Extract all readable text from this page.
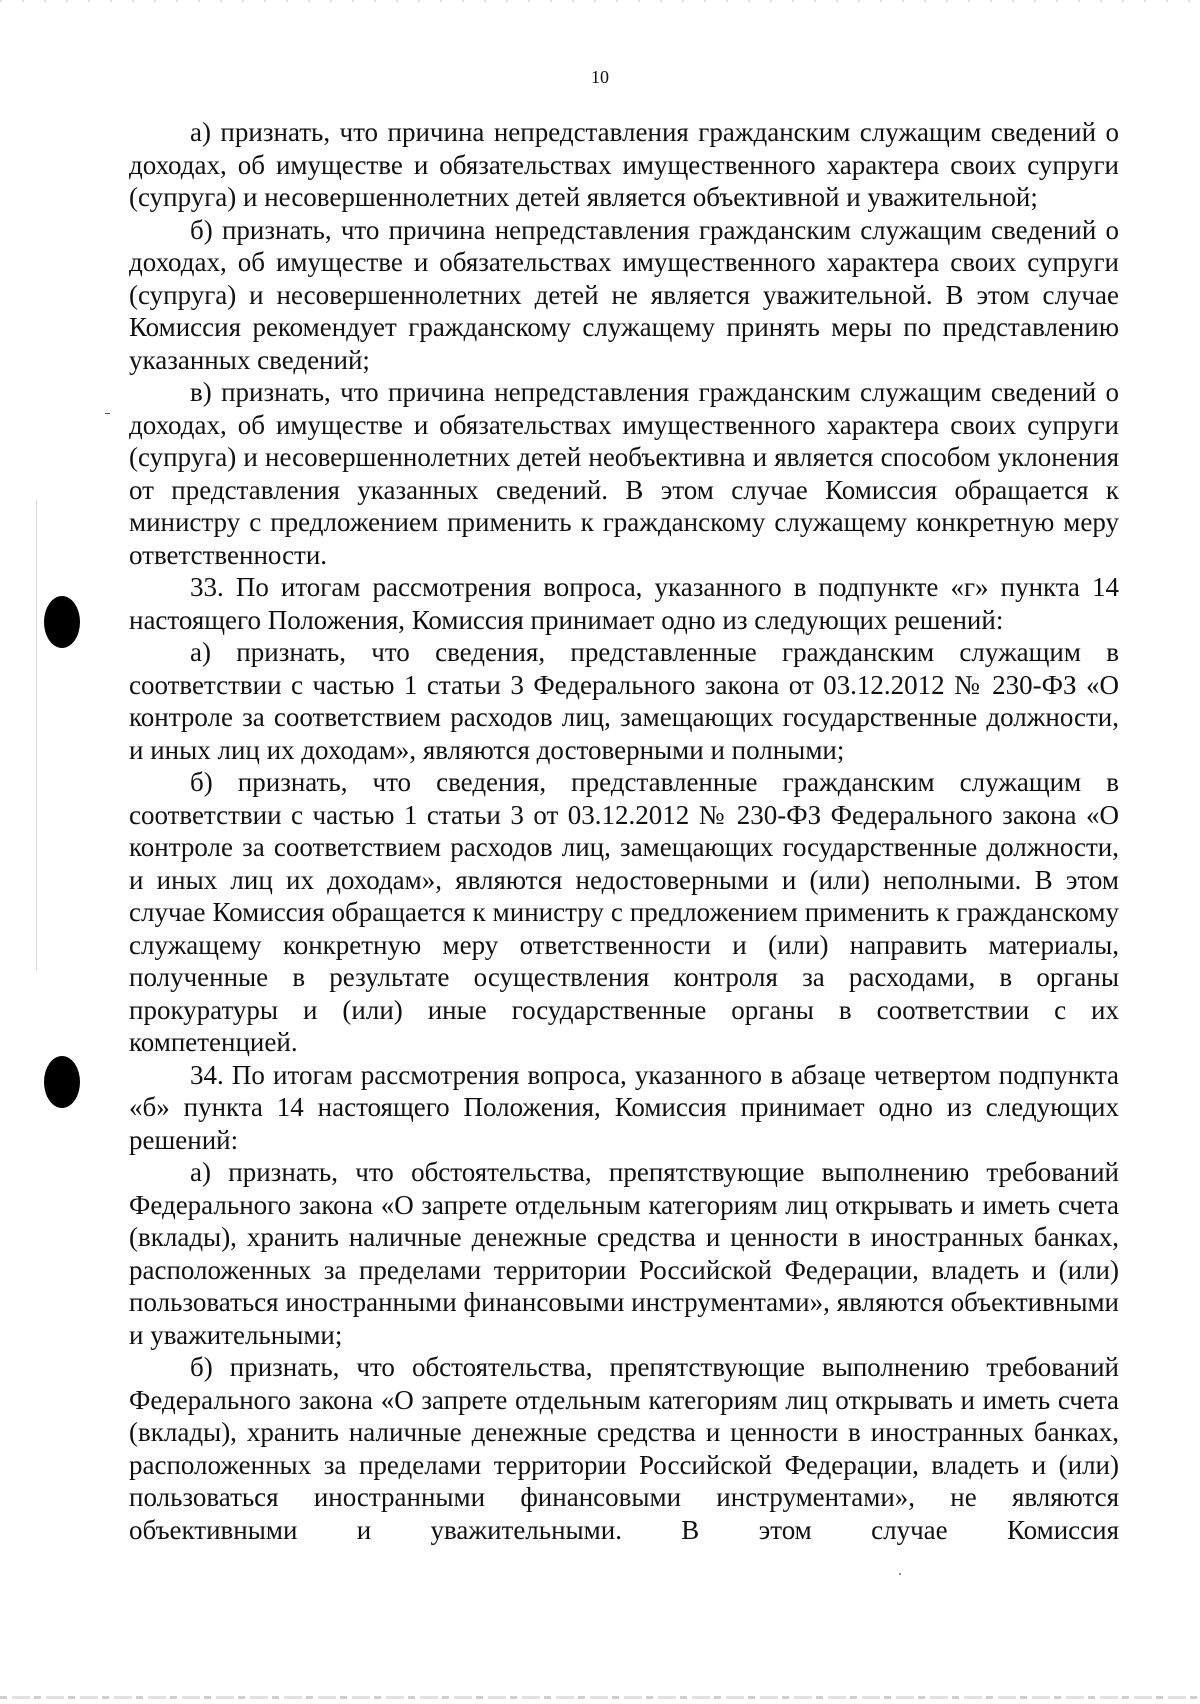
10

а) признать, что причина непредставления гражданским служащим сведений о доходах, об имуществе и обязательствах имущественного характера своих супруги (супруга) и несовершеннолетних детей является объективной и уважительной;

б) признать, что причина непредставления гражданским служащим сведений о доходах, об имуществе и обязательствах имущественного характера своих супруги (супруга) и несовершеннолетних детей не является уважительной. В этом случае Комиссия рекомендует гражданскому служащему принять меры по представлению указанных сведений;

в) признать, что причина непредставления гражданским служащим сведений о доходах, об имуществе и обязательствах имущественного характера своих супруги (супруга) и несовершеннолетних детей необъективна и является способом уклонения от представления указанных сведений. В этом случае Комиссия обращается к министру с предложением применить к гражданскому служащему конкретную меру ответственности.

33. По итогам рассмотрения вопроса, указанного в подпункте «г» пункта 14 настоящего Положения, Комиссия принимает одно из следующих решений:

а) признать, что сведения, представленные гражданским служащим в соответствии с частью 1 статьи 3 Федерального закона от 03.12.2012 № 230-ФЗ «О контроле за соответствием расходов лиц, замещающих государственные должности, и иных лиц их доходам», являются достоверными и полными;

б) признать, что сведения, представленные гражданским служащим в соответствии с частью 1 статьи 3 от 03.12.2012 № 230-ФЗ Федерального закона «О контроле за соответствием расходов лиц, замещающих государственные должности, и иных лиц их доходам», являются недостоверными и (или) неполными. В этом случае Комиссия обращается к министру с предложением применить к гражданскому служащему конкретную меру ответственности и (или) направить материалы, полученные в результате осуществления контроля за расходами, в органы прокуратуры и (или) иные государственные органы в соответствии с их компетенцией.

34. По итогам рассмотрения вопроса, указанного в абзаце четвертом подпункта «б» пункта 14 настоящего Положения, Комиссия принимает одно из следующих решений:

а) признать, что обстоятельства, препятствующие выполнению требований Федерального закона «О запрете отдельным категориям лиц открывать и иметь счета (вклады), хранить наличные денежные средства и ценности в иностранных банках, расположенных за пределами территории Российской Федерации, владеть и (или) пользоваться иностранными финансовыми инструментами», являются объективными и уважительными;

б) признать, что обстоятельства, препятствующие выполнению требований Федерального закона «О запрете отдельным категориям лиц открывать и иметь счета (вклады), хранить наличные денежные средства и ценности в иностранных банках, расположенных за пределами территории Российской Федерации, владеть и (или) пользоваться иностранными финансовыми инструментами», не являются объективными и уважительными. В этом случае Комиссия
